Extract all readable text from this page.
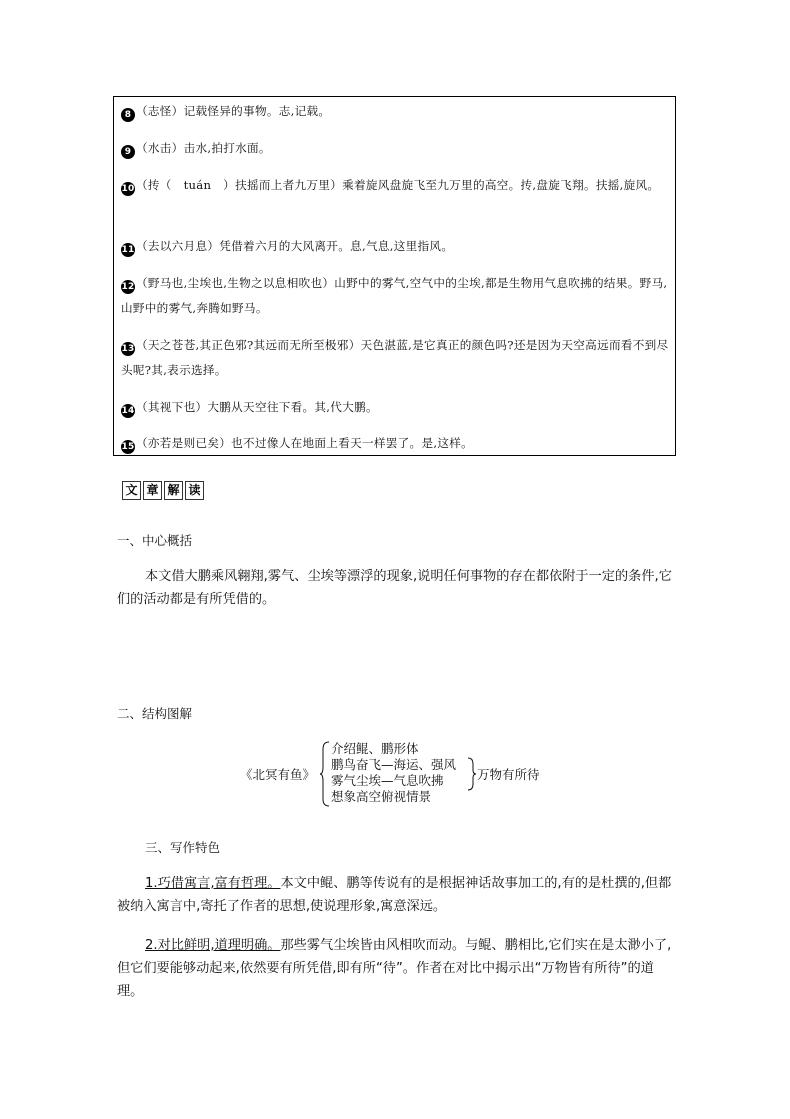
8 （志怪）记载怪异的事物。志,记载。
9 （水击）击水,拍打水面。
10（抟（　tuán　）扶摇而上者九万里）乘着旋风盘旋飞至九万里的高空。抟,盘旋飞翔。扶摇,旋风。
11（去以六月息）凭借着六月的大风离开。息,气息,这里指风。
12（野马也,尘埃也,生物之以息相吹也）山野中的雾气,空气中的尘埃,都是生物用气息吹拂的结果。野马,山野中的雾气,奔腾如野马。
13（天之苍苍,其正色邪?其远而无所至极邪）天色湛蓝,是它真正的颜色吗?还是因为天空高远而看不到尽头呢?其,表示选择。
14（其视下也）大鹏从天空往下看。其,代大鹏。
15（亦若是则已矣）也不过像人在地面上看天一样罢了。是,这样。
文 章 解 读
一、中心概括
本文借大鹏乘风翱翔,雾气、尘埃等漂浮的现象,说明任何事物的存在都依附于一定的条件,它们的活动都是有所凭借的。
二、结构图解
《北冥有鱼》
介绍鲲、鹏形体
鹏鸟奋飞—海运、强风
雾气尘埃—气息吹拂
想象高空俯视情景
万物有所待
三、写作特色
1.巧借寓言,富有哲理。本文中鲲、鹏等传说有的是根据神话故事加工的,有的是杜撰的,但都被纳入寓言中,寄托了作者的思想,使说理形象,寓意深远。
2.对比鲜明,道理明确。那些雾气尘埃皆由风相吹而动。与鲲、鹏相比,它们实在是太渺小了,但它们要能够动起来,依然要有所凭借,即有所“待”。作者在对比中揭示出“万物皆有所待”的道理。
